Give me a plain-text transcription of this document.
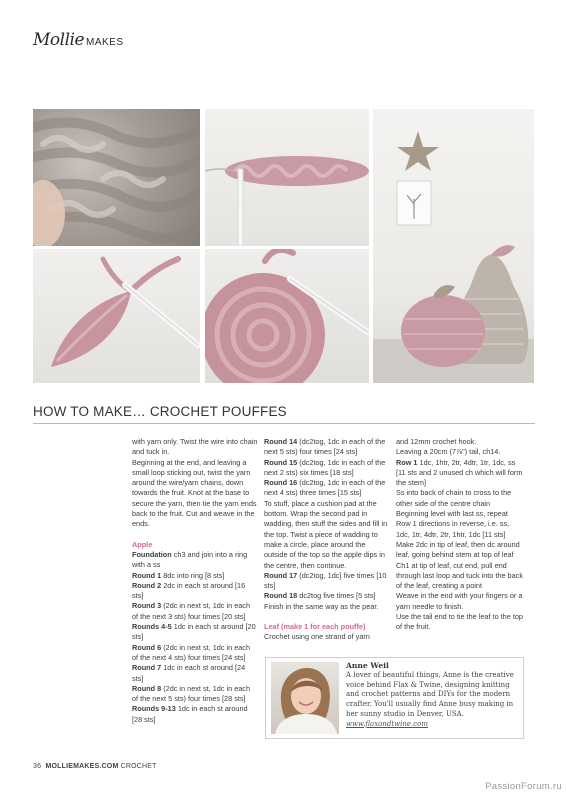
Mollie MAKES
HOW TO MAKE… CROCHET POUFFES

with yarn only. Twist the wire into chain and tuck in.

Beginning at the end, and leaving a small loop sticking out, twist the yarn around the wire/yarn chains, down towards the fruit. Knot at the base to secure the yarn, then tie the yarn ends back to the fruit. Cut and weave in the ends.

Apple

Foundation ch3 and join into a ring with a ss

Round 1 8dc into ring [8 sts]

Round 2 2dc in each st around [16 sts]

Round 3 (2dc in next st, 1dc in each of the next 3 sts) four times [20 sts]

Rounds 4-5 1dc in each st around [20 sts]

Round 6 (2dc in next st, 1dc in each of the next 4 sts) four times [24 sts]

Round 7 1dc in each st around [24 sts]

Round 8 (2dc in next st, 1dc in each of the next 5 sts) four times [28 sts]

Rounds 9-13 1dc in each st around [28 sts]

Round 14 (dc2tog, 1dc in each of the next 5 sts) four times [24 sts]

Round 15 (dc2tog, 1dc in each of the next 2 sts) six times [18 sts]

Round 16 (dc2tog, 1dc in each of the next 4 sts) three times [15 sts]

To stuff, place a cushion pad at the bottom. Wrap the second pad in wadding, then stuff the sides and fill in the top. Twist a piece of wadding to make a circle, place around the outside of the top so the apple dips in the centre, then continue.

Round 17 (dc2tog, 1dc] five times [10 sts]

Round 18 dc2tog five times [5 sts]

Finish in the same way as the pear.

Leaf (make 1 for each pouffe)

Crochet using one strand of yarn

and 12mm crochet hook.

Leaving a 20cm (7⅞") tail, ch14.

Row 1 1dc, 1htr, 2tr, 4dtr, 1tr, 1dc, ss [11 sts and 2 unused ch which will form the stem]

Ss into back of chain to cross to the other side of the centre chain

Beginning level with last ss, repeat Row 1 directions in reverse, i.e. ss, 1dc, 1tr, 4dtr, 2tr, 1htr, 1dc [11 sts]

Make 2dc in tip of leaf, then dc around leaf, going behind stem at top of leaf

Ch1 at tip of leaf, cut end, pull end through last loop and tuck into the back of the leaf, creating a point

Weave in the end with your fingers or a yarn needle to finish.

Use the tail end to tie the leaf to the top of the fruit.

Anne Weil
A lover of beautiful things, Anne is the creative voice behind Flax & Twine, designing knitting and crochet patterns and DIYs for the modern crafter. You'll usually find Anne busy making in her sunny studio in Denver, USA.
www.flaxandtwine.com
36 MOLLIEMAKES.COM CROCHET
PassionForum.ru
